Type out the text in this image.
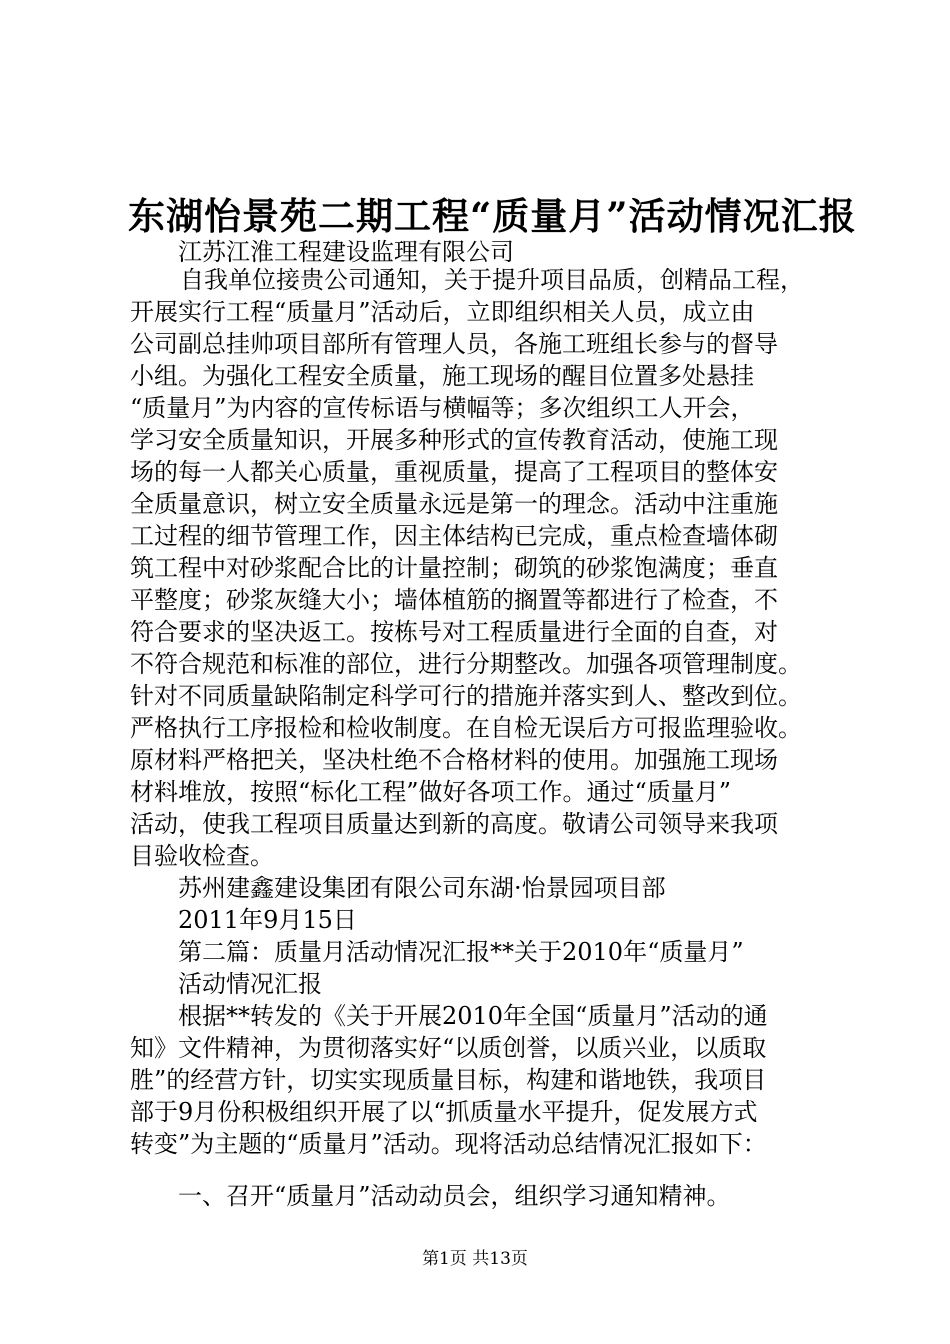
东湖怡景苑二期工程“质量月”活动情况汇报
江苏江淮工程建设监理有限公司
自我单位接贵公司通知，关于提升项目品质，创精品工程，
开展实行工程“质量月”活动后，立即组织相关人员，成立由
公司副总挂帅项目部所有管理人员，各施工班组长参与的督导
小组。为强化工程安全质量，施工现场的醒目位置多处悬挂
“质量月”为内容的宣传标语与横幅等；多次组织工人开会，
学习安全质量知识，开展多种形式的宣传教育活动，使施工现
场的每一人都关心质量，重视质量，提高了工程项目的整体安
全质量意识，树立安全质量永远是第一的理念。活动中注重施
工过程的细节管理工作，因主体结构已完成，重点检查墙体砌
筑工程中对砂浆配合比的计量控制；砌筑的砂浆饱满度；垂直
平整度；砂浆灰缝大小；墙体植筋的搁置等都进行了检查，不
符合要求的坚决返工。按栋号对工程质量进行全面的自查，对
不符合规范和标准的部位，进行分期整改。加强各项管理制度。
针对不同质量缺陷制定科学可行的措施并落实到人、整改到位。
严格执行工序报检和检收制度。在自检无误后方可报监理验收。
原材料严格把关，坚决杜绝不合格材料的使用。加强施工现场
材料堆放，按照“标化工程”做好各项工作。通过“质量月”
活动，使我工程项目质量达到新的高度。敬请公司领导来我项
目验收检查。
苏州建鑫建设集团有限公司东湖·怡景园项目部
2011年9月15日
第二篇：质量月活动情况汇报**关于2010年“质量月”
活动情况汇报
根据**转发的《关于开展2010年全国“质量月”活动的通
知》文件精神，为贯彻落实好“以质创誉，以质兴业，以质取
胜”的经营方针，切实实现质量目标，构建和谐地铁，我项目
部于9月份积极组织开展了以“抓质量水平提升，促发展方式
转变”为主题的“质量月”活动。现将活动总结情况汇报如下：
一、召开“质量月”活动动员会，组织学习通知精神。
第1页 共13页
